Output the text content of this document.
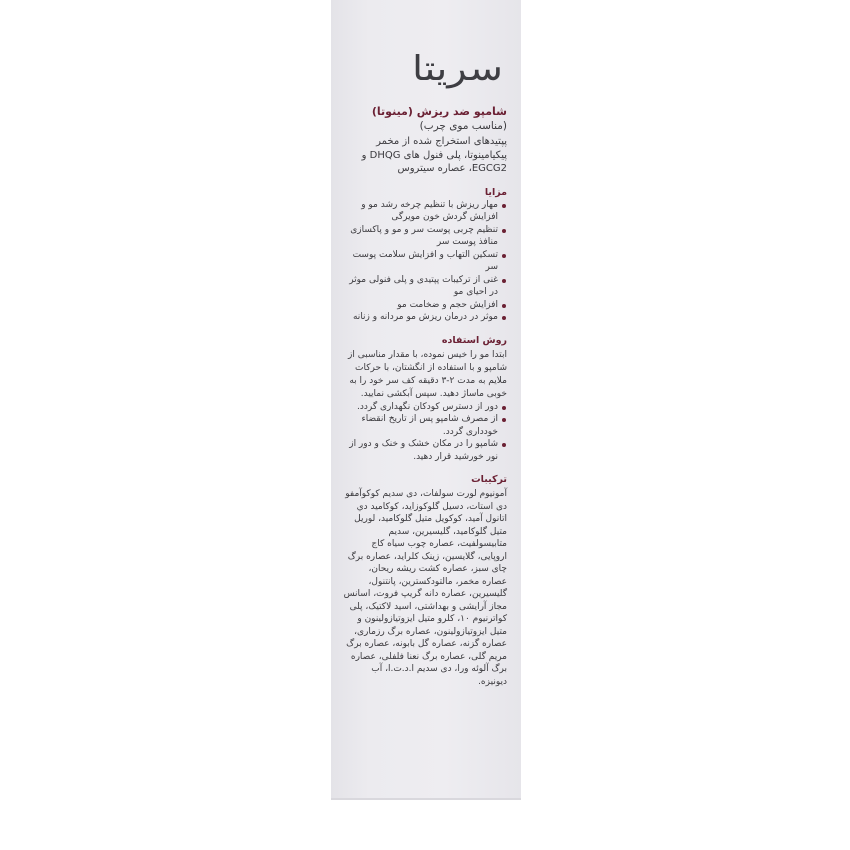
سریتا
شامپو ضد ریزش (مینوتا)
(مناسب موی چرب)
پپتیدهای استخراج شده از مخمر پیکیامینوتا، پلی فنول های DHQG و EGCG2، عصاره سیتروس
مزایا
مهار ریزش با تنظیم چرخه رشد مو و افزایش گردش خون مویرگی
تنظیم چربی پوست سر و مو و پاکسازی منافذ پوست سر
تسکین التهاب و افزایش سلامت پوست سر
غنی از ترکیبات پپتیدی و پلی فنولی موثر در احیای مو
افزایش حجم و ضخامت مو
موثر در درمان ریزش مو مردانه و زنانه
روش استفاده
ابتدا مو را خیس نموده، با مقدار مناسبی از شامپو و با استفاده از انگشتان، با حرکات ملایم به مدت ۲-۳ دقیقه کف سر خود را به خوبی ماساژ دهید. سپس آبکشی نمایید.
دور از دسترس کودکان نگهداری گردد.
از مصرف شامپو پس از تاریخ انقضاء خودداری گردد.
شامپو را در مکان خشک و خنک و دور از نور خورشید قرار دهید.
ترکیبات
آمونیوم لورت سولفات، دی سدیم کوکوآمفو دی استات، دسیل گلوکوزاید، کوکامید دي اتانول آمید، کوکویل متیل گلوکامید، لوریل متیل گلوکامید، گلیسیرین، سدیم متابیسولفیت، عصاره چوب سیاه کاج اروپایی، گلایسین، زینک کلراید، عصاره برگ چای سبز، عصاره کشت ریشه ریحان، عصاره مخمر، مالتودکسترین، پانتنول، گلیسیرین، عصاره دانه گریپ فروت، اسانس مجاز آرایشی و بهداشتی، اسید لاکتیک، پلی کواترنیوم ۱۰، کلرو متیل ایزوتیازولینون و متیل ایزوتیازولینون، عصاره برگ رزماری، عصاره گزنه، عصاره گل بابونه، عصاره برگ مریم گلی، عصاره برگ نعنا فلفلی، عصاره برگ آلوئه ورا، دی سدیم ا.د.ت.ا، آب دیونیزه.
